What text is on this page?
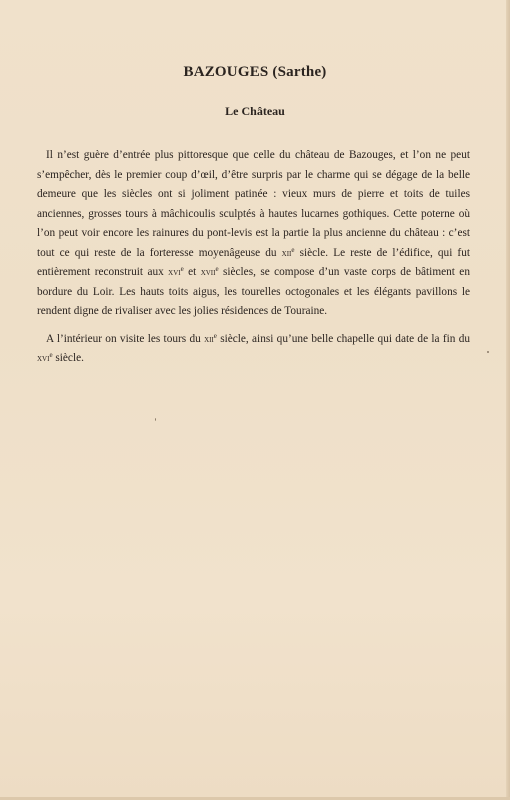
BAZOUGES (Sarthe)
Le Château

Il n’est guère d’entrée plus pittoresque que celle du château de Bazouges, et l’on ne peut s’empêcher, dès le premier coup d’œil, d’être surpris par le charme qui se dégage de la belle demeure que les siècles ont si joliment patinée : vieux murs de pierre et toits de tuiles anciennes, grosses tours à mâchicoulis sculptés à hautes lucarnes gothiques. Cette poterne où l’on peut voir encore les rainures du pont-levis est la partie la plus ancienne du château : c’est tout ce qui reste de la forteresse moyenâgeuse du xii$^e$ siècle. Le reste de l’édifice, qui fut entièrement reconstruit aux xvi$^e$ et xvii$^e$ siècles, se compose d’un vaste corps de bâtiment en bordure du Loir. Les hauts toits aigus, les tourelles octogonales et les élégants pavillons le rendent digne de rivaliser avec les jolies résidences de Touraine.

A l’intérieur on visite les tours du xii$^e$ siècle, ainsi qu’une belle chapelle qui date de la fin du xvi$^e$ siècle.
